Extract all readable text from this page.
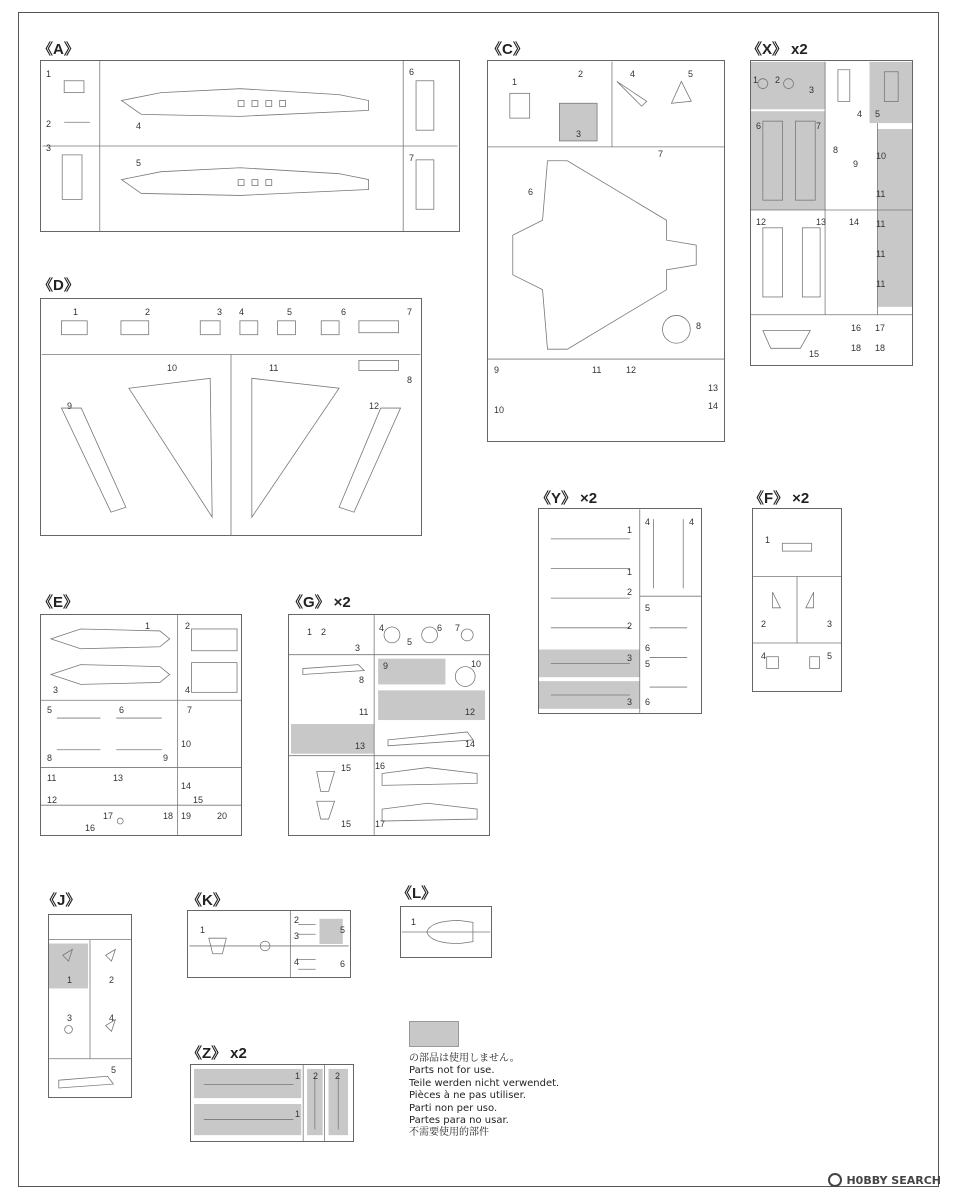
《A》
1
2
3
4
5
6
7
《C》
1
2
3
4	5
6
7
8
9
10
11	12
13
14
《X》 x2
1 2
3
4 5
6	7
8
9
10
11
11
11
11
12	13	14
15
16 17
18 18
《D》
1	2	3 4	5	6	7
8
9
10	11
12
《Y》 ×2
1
1
2
2
3
3
4	4
5
5
6
6
《F》 ×2
1
2	3
4	5
《E》
1	2
3	4
5	6	7
8	9
10
11
12
13
14
15
16
17	18 19	20
《G》 ×2
1 2
3
4
5
6 7
8
9	10
11	12
13	14
15
15
16
17
《J》
1	2
3	4
5
《K》
1
2
3
4
5
6
《L》
1
《Z》 x2
1
1
2 2
の部品は使用しません。
Parts not for use.
Teile werden nicht verwendet.
Pièces à ne pas utiliser.
Parti non per uso.
Partes para no usar.
不需要使用的部件
H0BBY SEARCH
